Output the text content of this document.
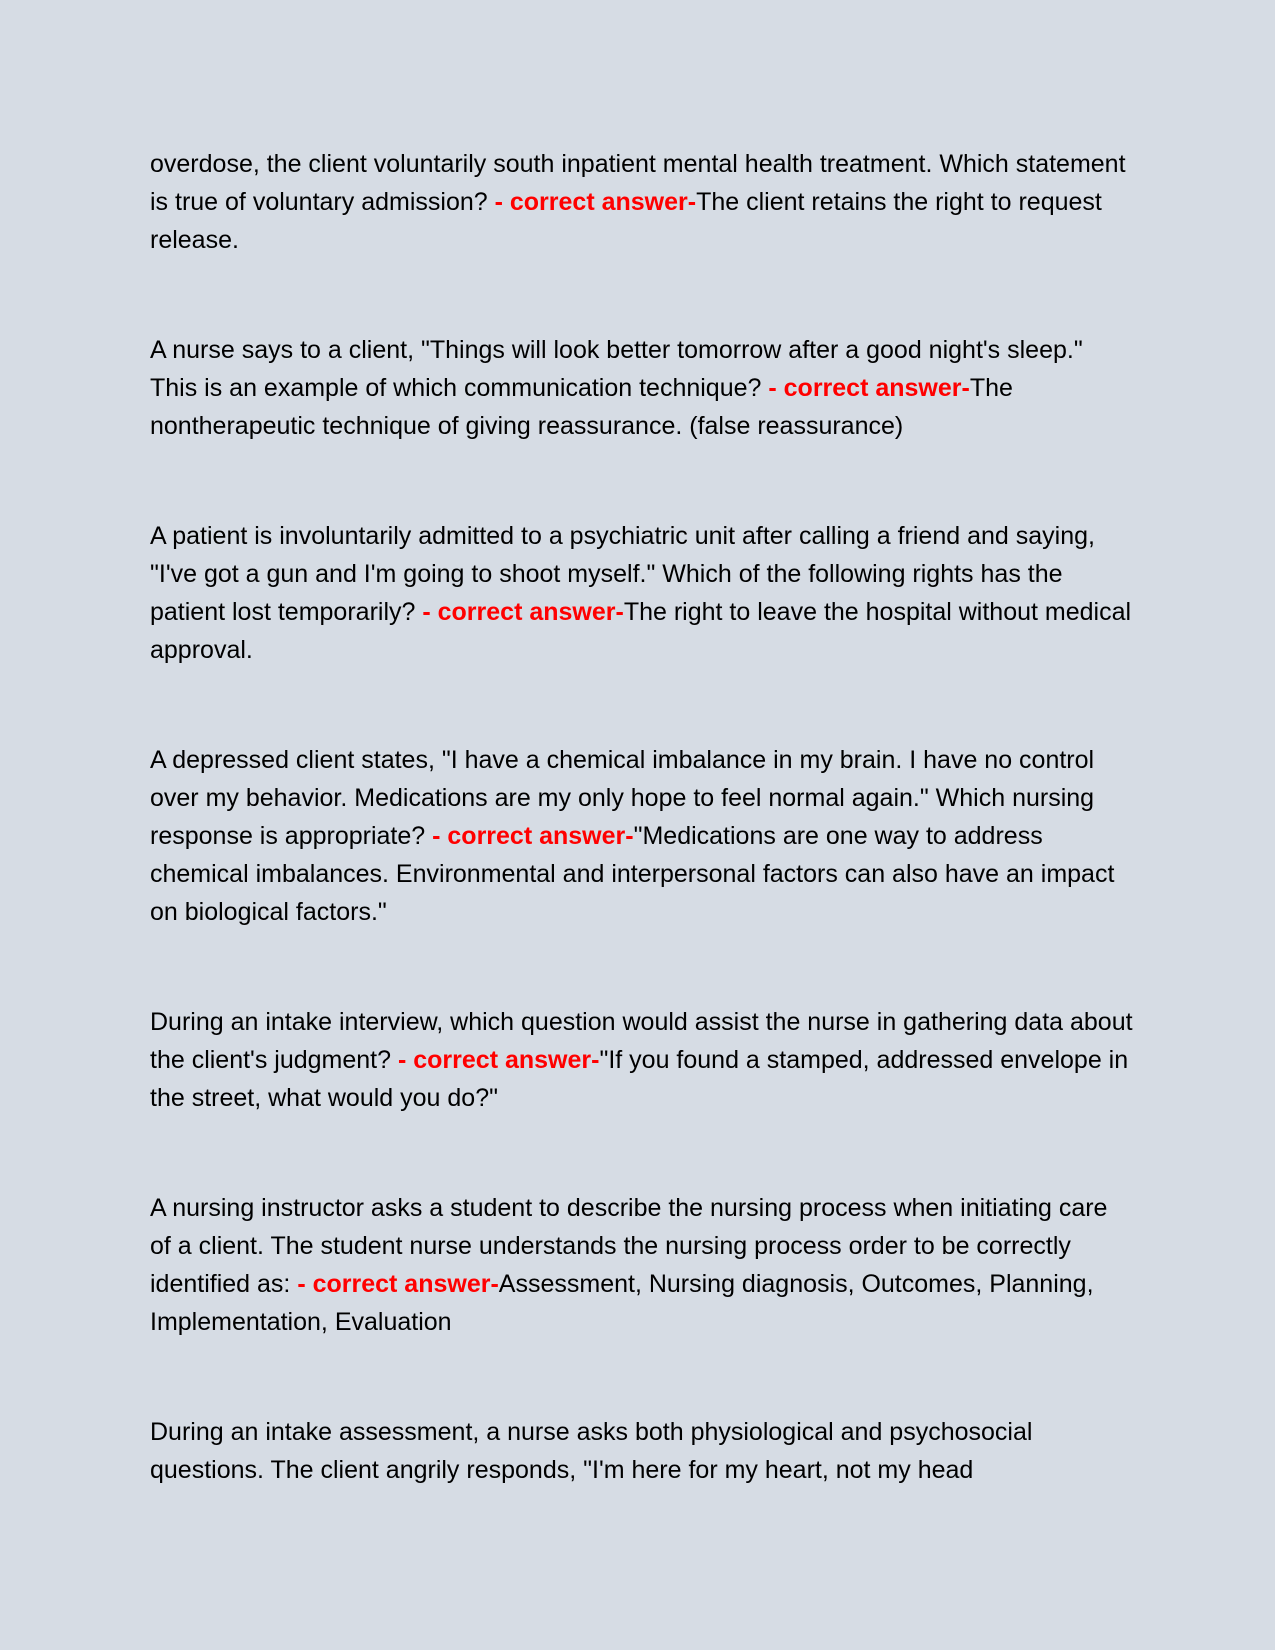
overdose, the client voluntarily south inpatient mental health treatment. Which statement is true of voluntary admission? - correct answer-The client retains the right to request release.

A nurse says to a client, "Things will look better tomorrow after a good night's sleep." This is an example of which communication technique? - correct answer-The nontherapeutic technique of giving reassurance. (false reassurance)

A patient is involuntarily admitted to a psychiatric unit after calling a friend and saying, "I've got a gun and I'm going to shoot myself." Which of the following rights has the patient lost temporarily? - correct answer-The right to leave the hospital without medical approval.

A depressed client states, "I have a chemical imbalance in my brain. I have no control over my behavior. Medications are my only hope to feel normal again." Which nursing response is appropriate? - correct answer-"Medications are one way to address chemical imbalances. Environmental and interpersonal factors can also have an impact on biological factors."

During an intake interview, which question would assist the nurse in gathering data about the client's judgment? - correct answer-"If you found a stamped, addressed envelope in the street, what would you do?"

A nursing instructor asks a student to describe the nursing process when initiating care of a client. The student nurse understands the nursing process order to be correctly identified as: - correct answer-Assessment, Nursing diagnosis, Outcomes, Planning, Implementation, Evaluation

During an intake assessment, a nurse asks both physiological and psychosocial questions. The client angrily responds, "I'm here for my heart, not my head
